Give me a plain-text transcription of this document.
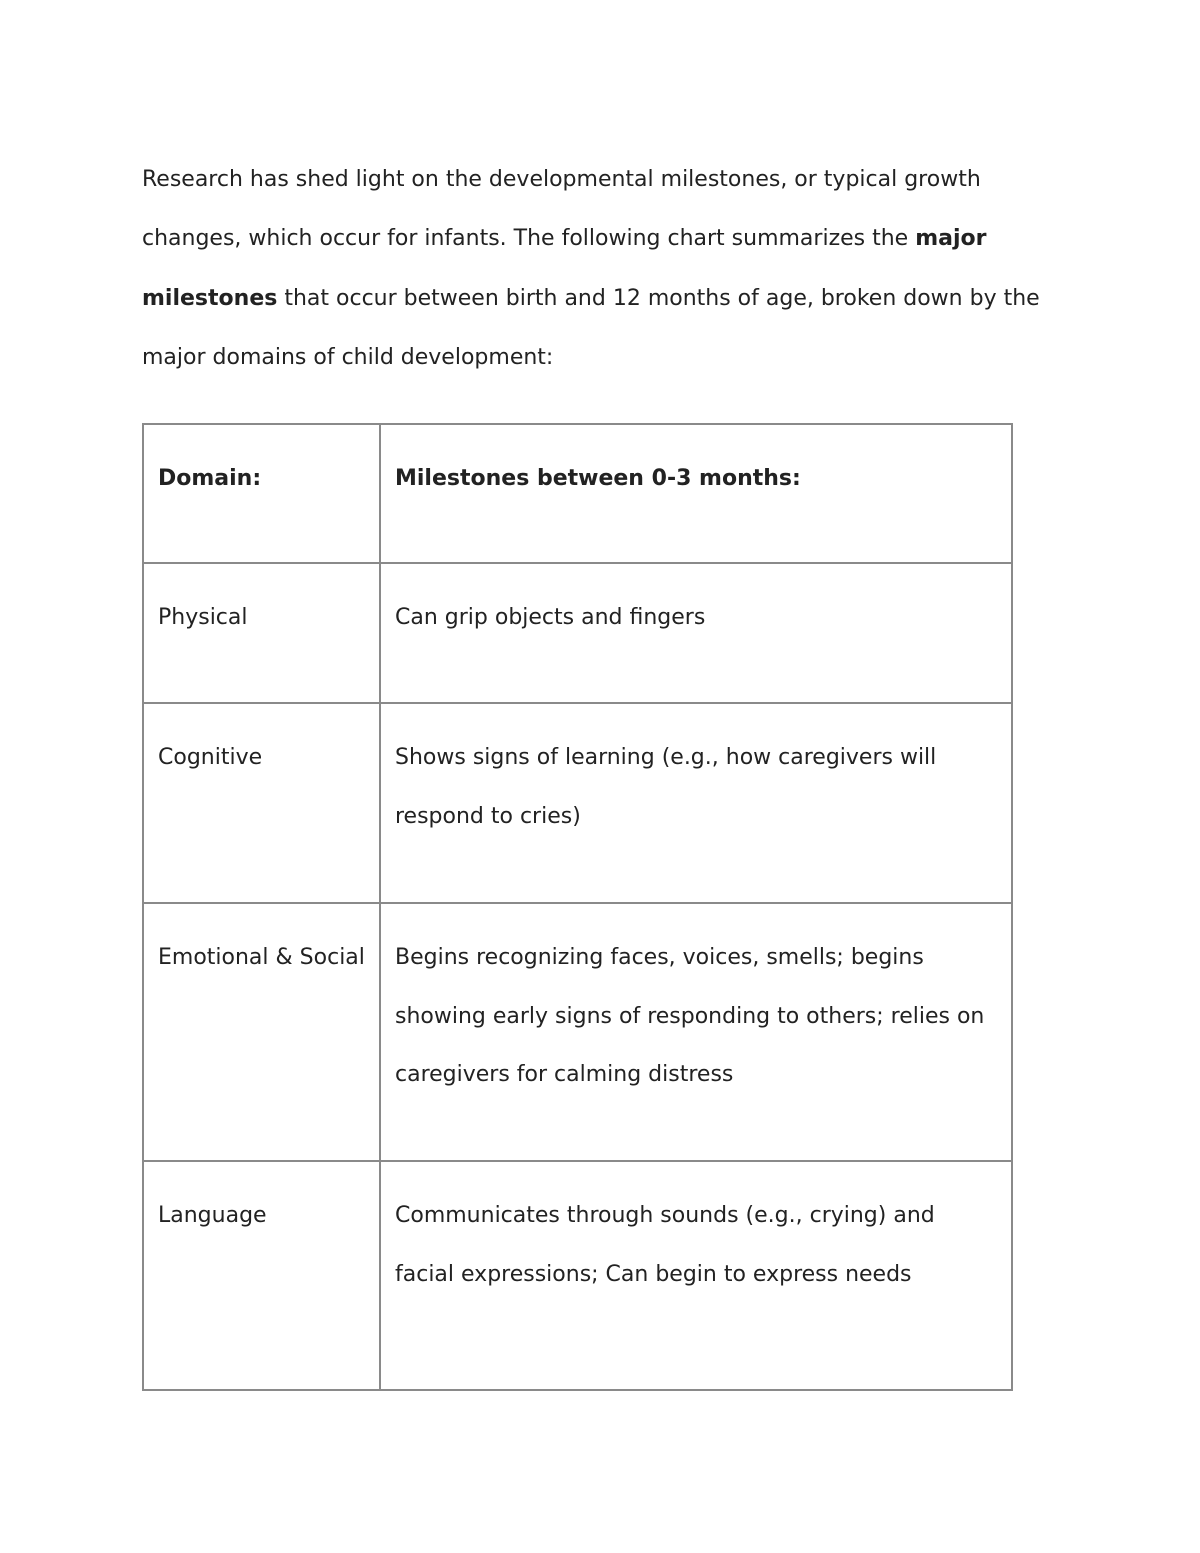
Research has shed light on the developmental milestones, or typical growth changes, which occur for infants. The following chart summarizes the major milestones that occur between birth and 12 months of age, broken down by the major domains of child development:

Domain:	Milestones between 0-3 months:

Physical	Can grip objects and fingers

Cognitive	Shows signs of learning (e.g., how caregivers will respond to cries)

Emotional & Social	Begins recognizing faces, voices, smells; begins showing early signs of responding to others; relies on caregivers for calming distress

Language	Communicates through sounds (e.g., crying) and facial expressions; Can begin to express needs
